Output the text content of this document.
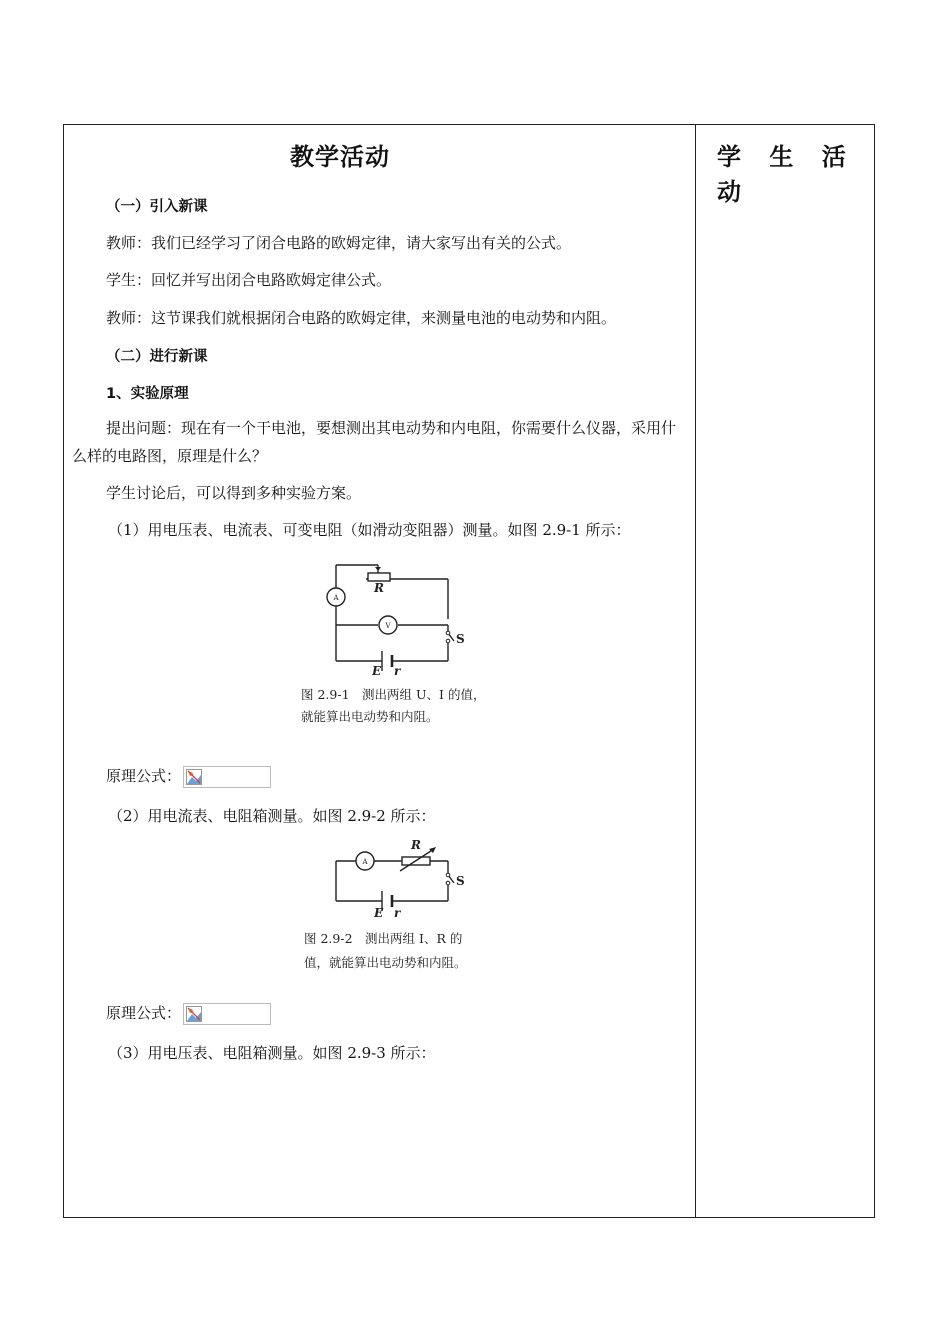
教学活动	学 生 活 动
（一）引入新课
教师：我们已经学习了闭合电路的欧姆定律，请大家写出有关的公式。
学生：回忆并写出闭合电路欧姆定律公式。
教师：这节课我们就根据闭合电路的欧姆定律，来测量电池的电动势和内阻。
（二）进行新课
1、实验原理
提出问题：现在有一个干电池，要想测出其电动势和内电阻，你需要什么仪器，采用什么样的电路图，原理是什么？
学生讨论后，可以得到多种实验方案。
（1）用电压表、电流表、可变电阻（如滑动变阻器）测量。如图 2.9-1 所示：
A
V
R
S
E r
图 2.9-1　测出两组 U、I 的值，
就能算出电动势和内阻。
原理公式：
（2）用电流表、电阻箱测量。如图 2.9-2 所示：
A
R
S
E r
图 2.9-2　测出两组 I、R 的
值，就能算出电动势和内阻。
原理公式：
（3）用电压表、电阻箱测量。如图 2.9-3 所示：
